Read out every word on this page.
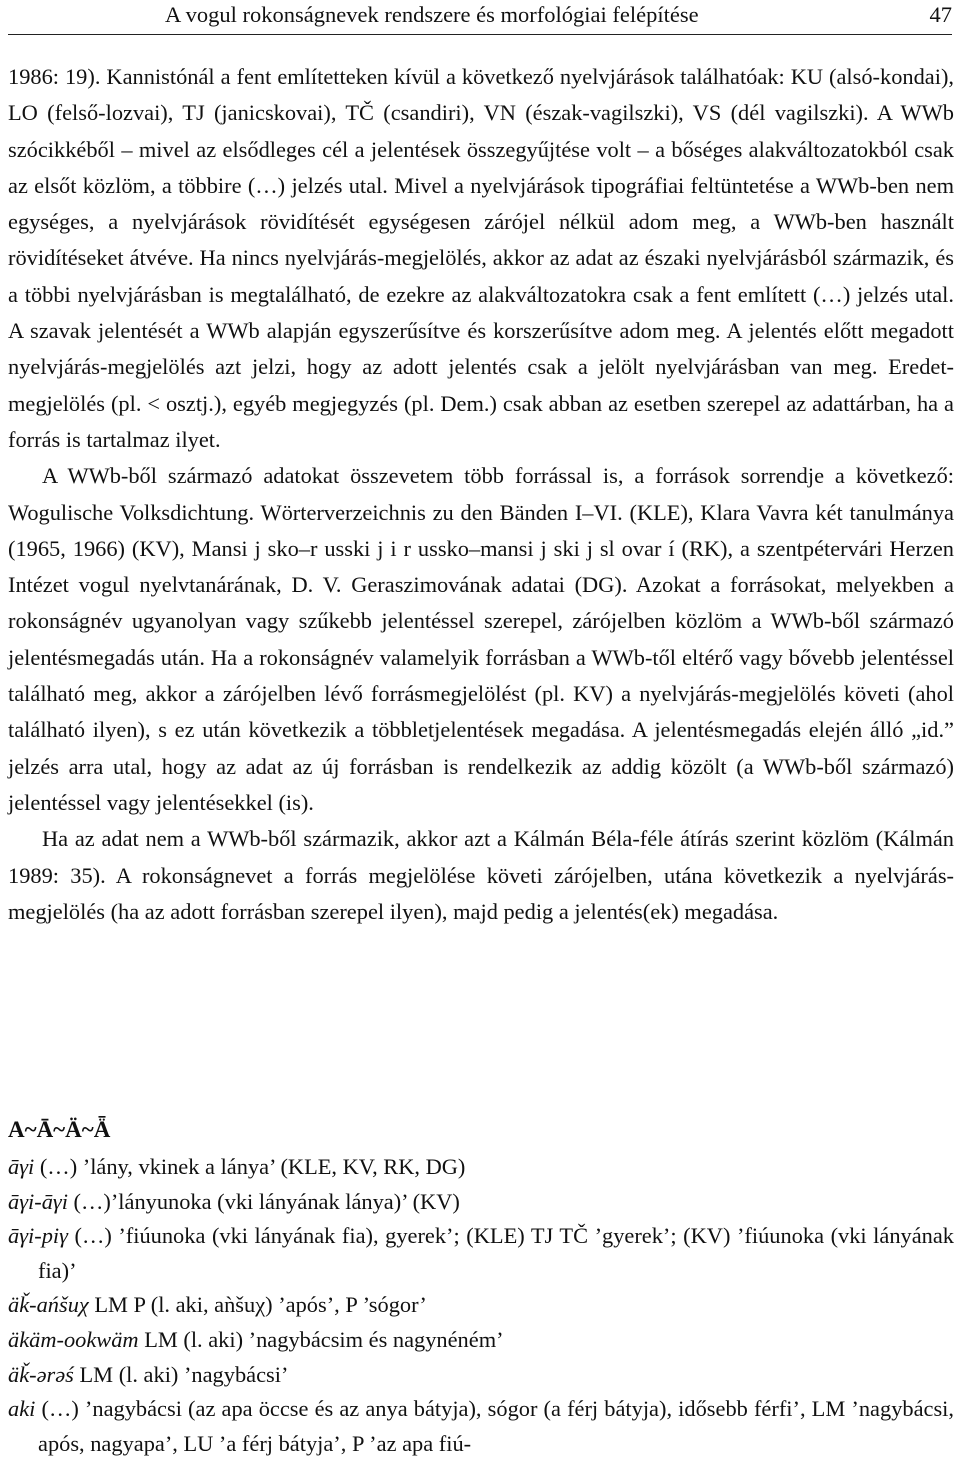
A vogul rokonságnevek rendszere és morfológiai felépítése	47

1986: 19). Kannistónál a fent említetteken kívül a következő nyelvjárások találhatóak: KU (alsó-kondai), LO (felső-lozvai), TJ (janicskovai), TČ (csandiri), VN (észak-vagilszki), VS (dél vagilszki). A WWb szócikkéből – mivel az elsődleges cél a jelentések összegyűjtése volt – a bőséges alakváltozatokból csak az elsőt közlöm, a többire (…) jelzés utal. Mivel a nyelvjárások tipográfiai feltüntetése a WWb-ben nem egységes, a nyelvjárások rövidítését egységesen zárójel nélkül adom meg, a WWb-ben használt rövidítéseket átvéve. Ha nincs nyelvjárás-megjelölés, akkor az adat az északi nyelvjárásból származik, és a többi nyelvjárásban is megtalálható, de ezekre az alakváltozatokra csak a fent említett (…) jelzés utal. A szavak jelentését a WWb alapján egyszerűsítve és korszerűsítve adom meg. A jelentés előtt megadott nyelvjárás-megjelölés azt jelzi, hogy az adott jelentés csak a jelölt nyelvjárásban van meg. Eredet-megjelölés (pl. < osztj.), egyéb megjegyzés (pl. Dem.) csak abban az esetben szerepel az adattárban, ha a forrás is tartalmaz ilyet.

A WWb-ből származó adatokat összevetem több forrással is, a források sorrendje a következő: Wogulische Volksdichtung. Wörterverzeichnis zu den Bänden I–VI. (KLE), Klara Vavra két tanulmánya (1965, 1966) (KV), Mansi j sko–r usski j i r ussko–mansi j ski j sl ovar í (RK), a szentpétervári Herzen Intézet vogul nyelvtanárának, D. V. Geraszimovának adatai (DG). Azokat a forrásokat, melyekben a rokonságnév ugyanolyan vagy szűkebb jelentéssel szerepel, zárójelben közlöm a WWb-ből származó jelentésmegadás után. Ha a rokonságnév valamelyik forrásban a WWb-től eltérő vagy bővebb jelentéssel található meg, akkor a zárójelben lévő forrásmegjelölést (pl. KV) a nyelvjárás-megjelölés követi (ahol található ilyen), s ez után következik a többletjelentések megadása. A jelentésmegadás elején álló „id.” jelzés arra utal, hogy az adat az új forrásban is rendelkezik az addig közölt (a WWb-ből származó) jelentéssel vagy jelentésekkel (is).

Ha az adat nem a WWb-ből származik, akkor azt a Kálmán Béla-féle átírás szerint közlöm (Kálmán 1989: 35). A rokonságnevet a forrás megjelölése követi zárójelben, utána következik a nyelvjárás-megjelölés (ha az adott forrásban szerepel ilyen), majd pedig a jelentés(ek) megadása.

A~Ā~Ä~Ǟ

āγi (…) ’lány, vkinek a lánya’ (KLE, KV, RK, DG)

āγi-āγi (…)’lányunoka (vki lányának lánya)’ (KV)

āγi-piγ (…) ’fiúunoka (vki lányának fia), gyerek’; (KLE) TJ TČ ’gyerek’; (KV) ’fiúunoka (vki lányának fia)’

äǩ-ańšuχ LM P (l. aki, aǹšuχ) ’após’, P ’sógor’

äkäm-ookwäm LM (l. aki) ’nagybácsim és nagynéném’

äǩ-ərəś LM (l. aki) ’nagybácsi’

aki (…) ’nagybácsi (az apa öccse és az anya bátyja), sógor (a férj bátyja), idősebb férfi’, LM ’nagybácsi, após, nagyapa’, LU ’a férj bátyja’, P ’az apa fiú-
